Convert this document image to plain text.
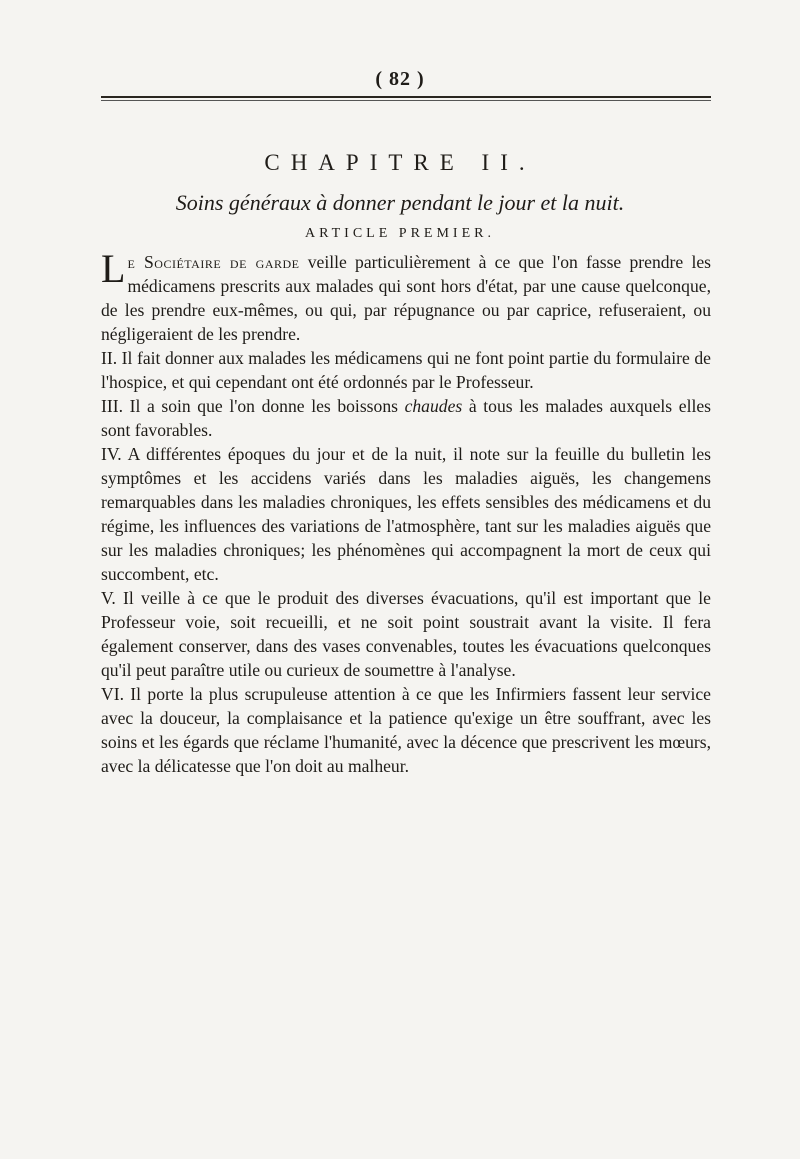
( 82 )
CHAPITRE II.
Soins généraux à donner pendant le jour et la nuit.
ARTICLE PREMIER.

Le Sociétaire de garde veille particulièrement à ce que l'on fasse prendre les médicamens prescrits aux malades qui sont hors d'état, par une cause quelconque, de les prendre eux-mêmes, ou qui, par répugnance ou par caprice, refuseraient, ou négligeraient de les prendre.

II. Il fait donner aux malades les médicamens qui ne font point partie du formulaire de l'hospice, et qui cependant ont été ordonnés par le Professeur.

III. Il a soin que l'on donne les boissons chaudes à tous les malades auxquels elles sont favorables.

IV. A différentes époques du jour et de la nuit, il note sur la feuille du bulletin les symptômes et les accidens variés dans les maladies aiguës, les changemens remarquables dans les maladies chroniques, les effets sensibles des médicamens et du régime, les influences des variations de l'atmosphère, tant sur les maladies aiguës que sur les maladies chroniques; les phénomènes qui accompagnent la mort de ceux qui succombent, etc.

V. Il veille à ce que le produit des diverses évacuations, qu'il est important que le Professeur voie, soit recueilli, et ne soit point soustrait avant la visite. Il fera également conserver, dans des vases convenables, toutes les évacuations quelconques qu'il peut paraître utile ou curieux de soumettre à l'analyse.

VI. Il porte la plus scrupuleuse attention à ce que les Infirmiers fassent leur service avec la douceur, la complaisance et la patience qu'exige un être souffrant, avec les soins et les égards que réclame l'humanité, avec la décence que prescrivent les mœurs, avec la délicatesse que l'on doit au malheur.
